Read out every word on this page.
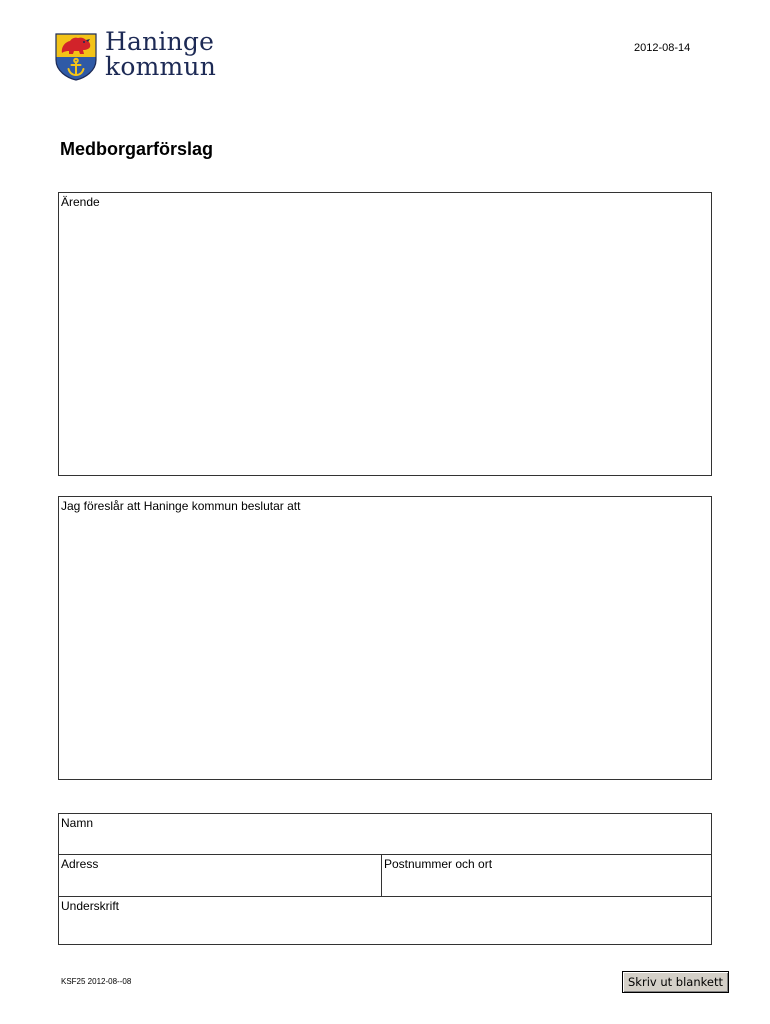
Haninge
kommun
2012-08-14
Medborgarförslag
Ärende
Jag föreslår att Haninge kommun beslutar att
Namn
Adress	Postnummer och ort
Underskrift
KSF25 2012-08--08	Skriv ut blankett
